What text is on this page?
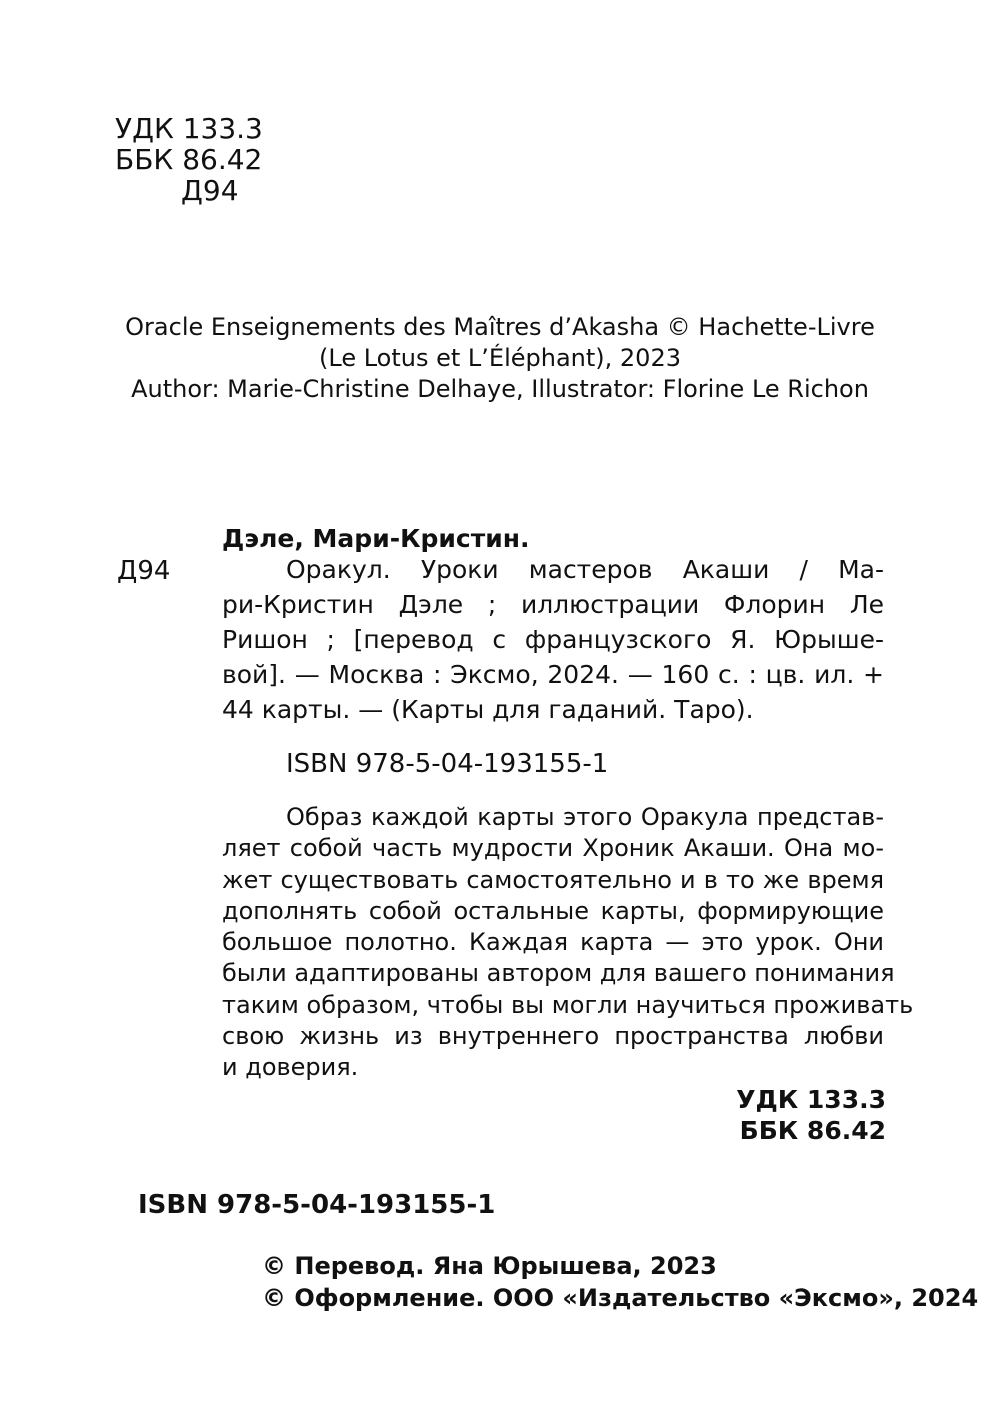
УДК 133.3
ББК 86.42
Д94
Oracle Enseignements des Maîtres d’Akasha © Hachette-Livre
(Le Lotus et L’Éléphant), 2023
Author: Marie-Christine Delhaye, Illustrator: Florine Le Richon
Дэле, Мари-Кристин.
Д94	Оракул. Уроки мастеров Акаши / Ма-
ри-Кристин Дэле ; иллюстрации Флорин Ле
Ришон ; [перевод с французского Я. Юрыше-
вой]. — Москва : Эксмо, 2024. — 160 с. : цв. ил. +
44 карты. — (Карты для гаданий. Таро).
ISBN 978-5-04-193155-1
Образ каждой карты этого Оракула представ-
ляет собой часть мудрости Хроник Акаши. Она мо-
жет существовать самостоятельно и в то же время
дополнять собой остальные карты, формирующие
большое полотно. Каждая карта — это урок. Они
были адаптированы автором для вашего понимания
таким образом, чтобы вы могли научиться проживать
свою жизнь из внутреннего пространства любви
и доверия.
УДК 133.3
ББК 86.42
ISBN 978-5-04-193155-1
© Перевод. Яна Юрышева, 2023
© Оформление. ООО «Издательство «Эксмо», 2024
